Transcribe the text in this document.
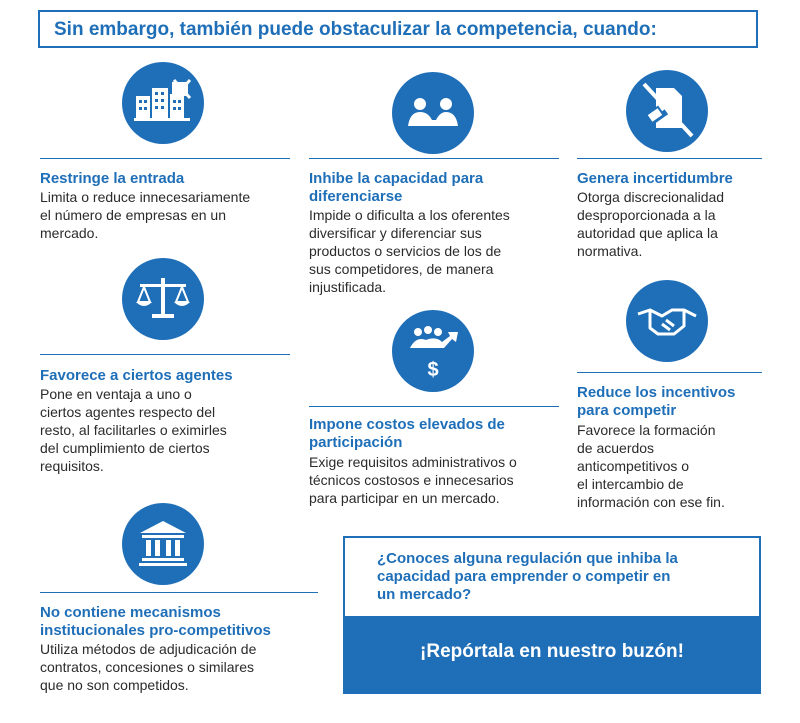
Sin embargo, también puede obstaculizar la competencia, cuando:
Restringe la entrada
Limita o reduce innecesariamente
el número de empresas en un
mercado.
Inhibe la capacidad para
diferenciarse
Impide o dificulta a los oferentes
diversificar y diferenciar sus
productos o servicios de los de
sus competidores, de manera
injustificada.
Genera incertidumbre
Otorga discrecionalidad
desproporcionada a la
autoridad que aplica la
normativa.
Favorece a ciertos agentes
Pone en ventaja a uno o
ciertos agentes respecto del
resto, al facilitarles o eximirles
del cumplimiento de ciertos
requisitos.
$
Impone costos elevados de
participación
Exige requisitos administrativos o
técnicos costosos e innecesarios
para participar en un mercado.
Reduce los incentivos
para competir
Favorece la formación
de acuerdos
anticompetitivos o
el intercambio de
información con ese fin.
No contiene mecanismos
institucionales pro-competitivos
Utiliza métodos de adjudicación de
contratos, concesiones o similares
que no son competidos.
¿Conoces alguna regulación que inhiba la
capacidad para emprender o competir en
un mercado?
¡Repórtala en nuestro buzón!
